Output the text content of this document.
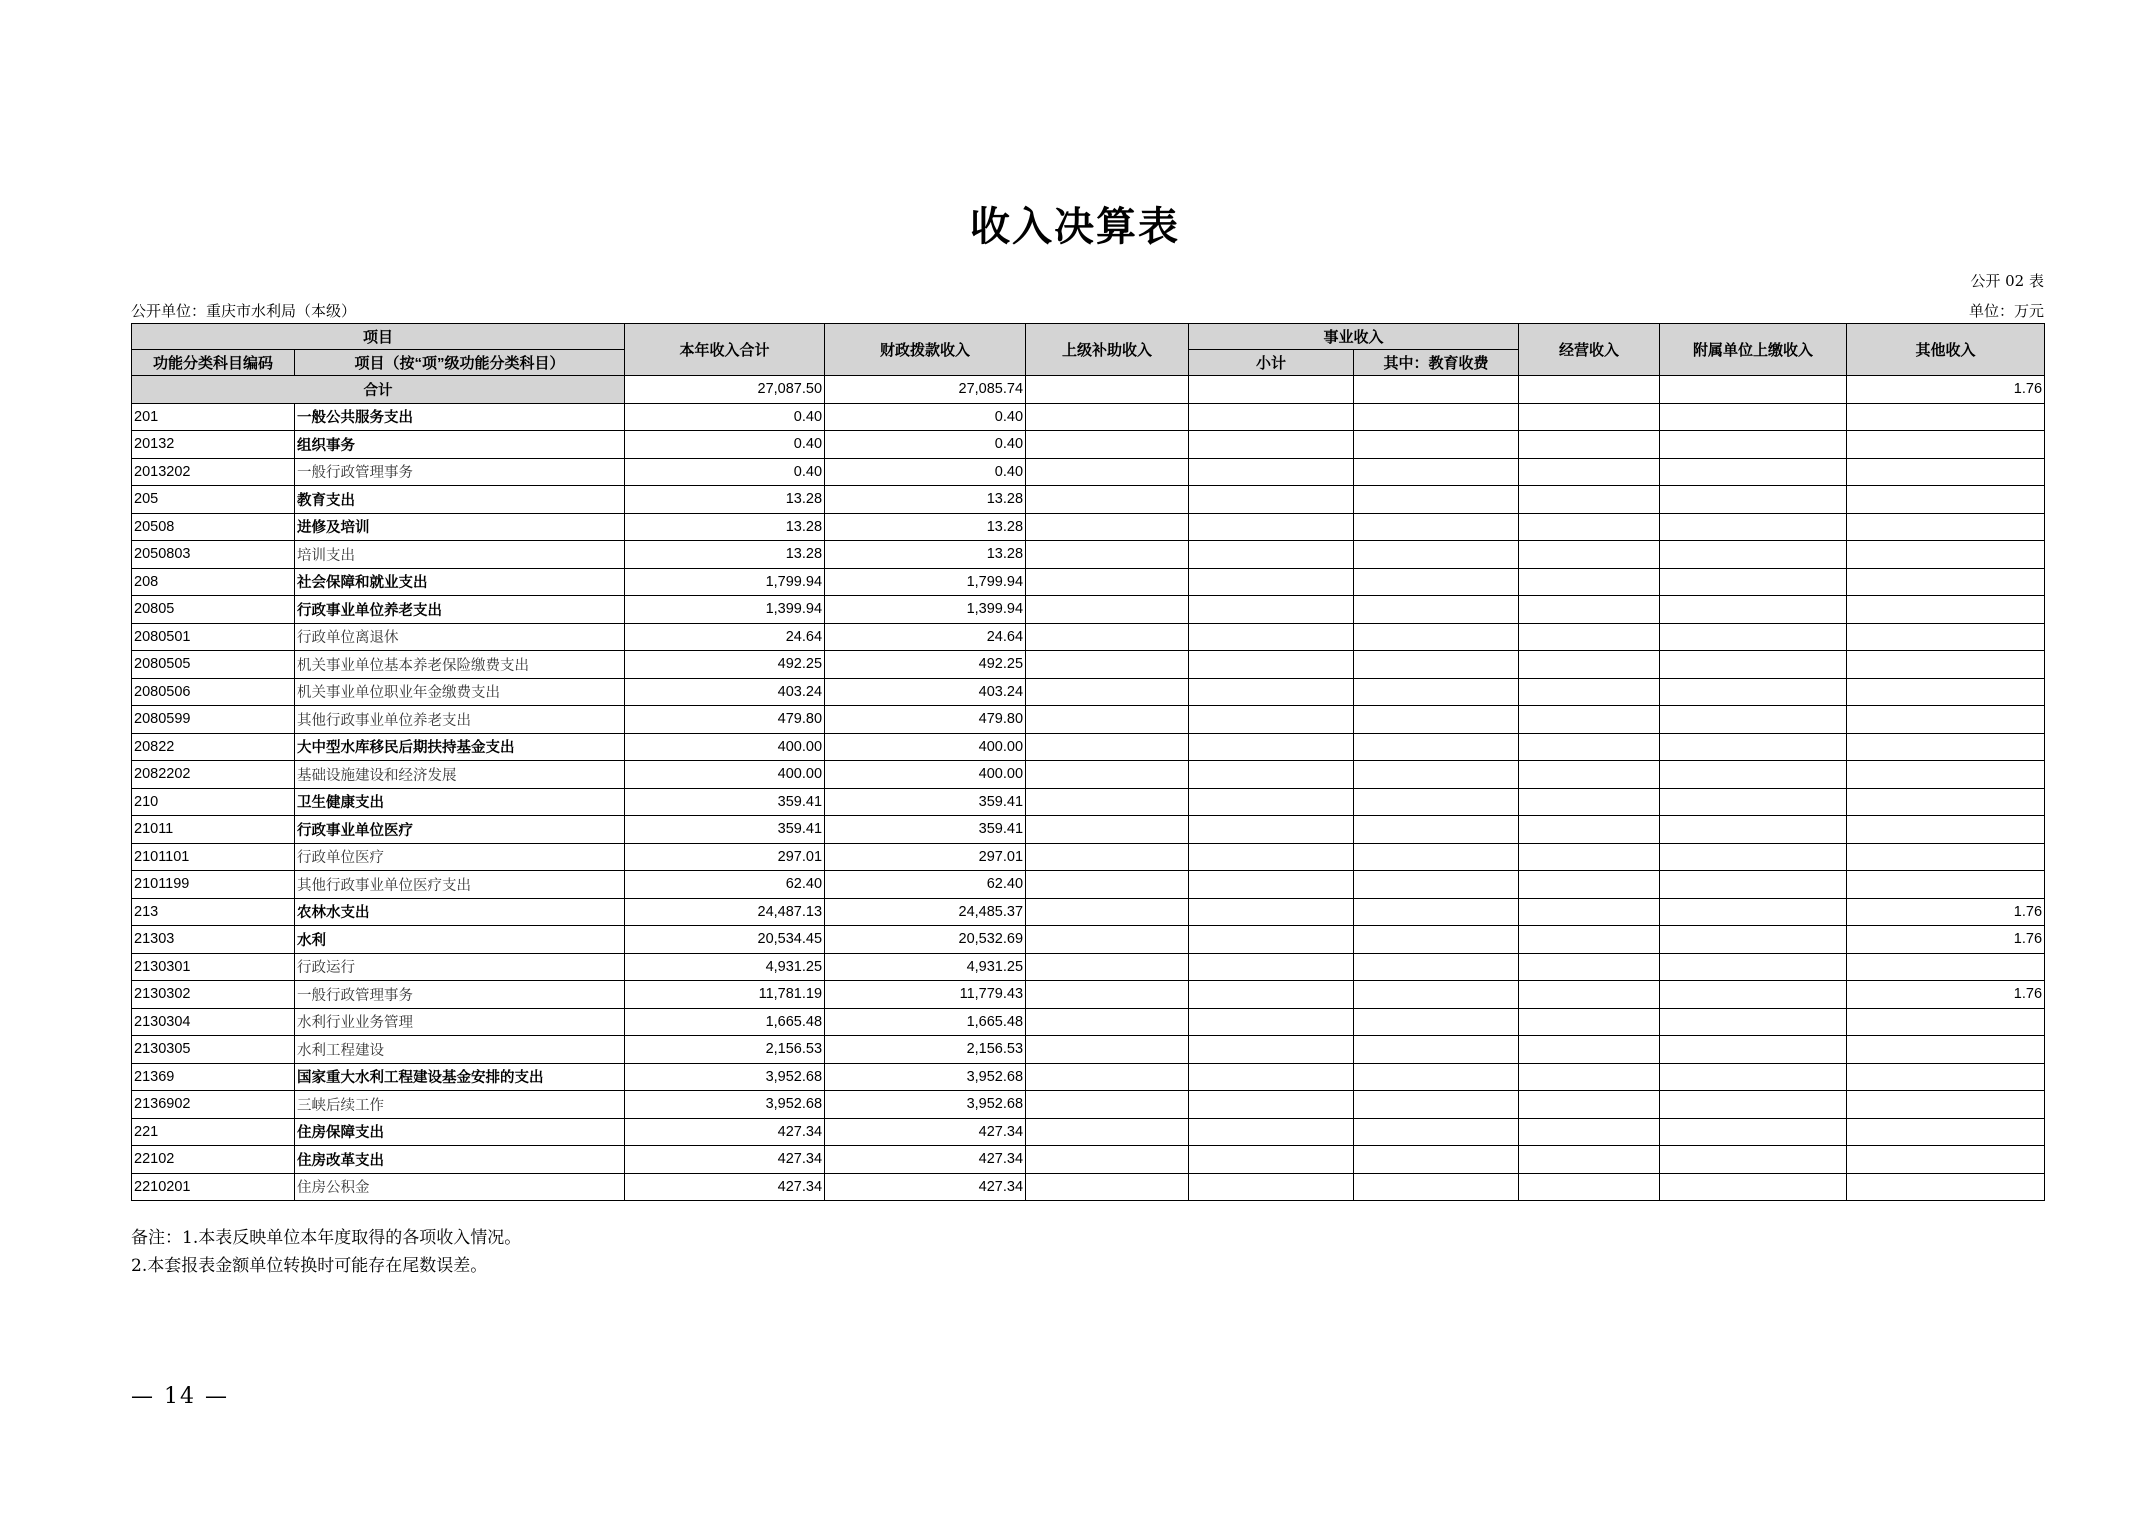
收入决算表
公开 02 表
公开单位：重庆市水利局（本级）	单位：万元
项目		本年收入合计	财政拨款收入	上级补助收入	事业收入		经营收入	附属单位上缴收入	其他收入
功能分类科目编码	项目（按“项”级功能分类科目）				小计	其中：教育收费			
合计		27,087.50	27,085.74						1.76
201	一般公共服务支出	0.40	0.40						
20132	组织事务	0.40	0.40						
2013202	一般行政管理事务	0.40	0.40						
205	教育支出	13.28	13.28						
20508	进修及培训	13.28	13.28						
2050803	培训支出	13.28	13.28						
208	社会保障和就业支出	1,799.94	1,799.94						
20805	行政事业单位养老支出	1,399.94	1,399.94						
2080501	行政单位离退休	24.64	24.64						
2080505	机关事业单位基本养老保险缴费支出	492.25	492.25						
2080506	机关事业单位职业年金缴费支出	403.24	403.24						
2080599	其他行政事业单位养老支出	479.80	479.80						
20822	大中型水库移民后期扶持基金支出	400.00	400.00						
2082202	基础设施建设和经济发展	400.00	400.00						
210	卫生健康支出	359.41	359.41						
21011	行政事业单位医疗	359.41	359.41						
2101101	行政单位医疗	297.01	297.01						
2101199	其他行政事业单位医疗支出	62.40	62.40						
213	农林水支出	24,487.13	24,485.37						1.76
21303	水利	20,534.45	20,532.69						1.76
2130301	行政运行	4,931.25	4,931.25						
2130302	一般行政管理事务	11,781.19	11,779.43						1.76
2130304	水利行业业务管理	1,665.48	1,665.48						
2130305	水利工程建设	2,156.53	2,156.53						
21369	国家重大水利工程建设基金安排的支出	3,952.68	3,952.68						
2136902	三峡后续工作	3,952.68	3,952.68						
221	住房保障支出	427.34	427.34						
22102	住房改革支出	427.34	427.34						
2210201	住房公积金	427.34	427.34						
备注：1.本表反映单位本年度取得的各项收入情况。
2.本套报表金额单位转换时可能存在尾数误差。
— 14 —
